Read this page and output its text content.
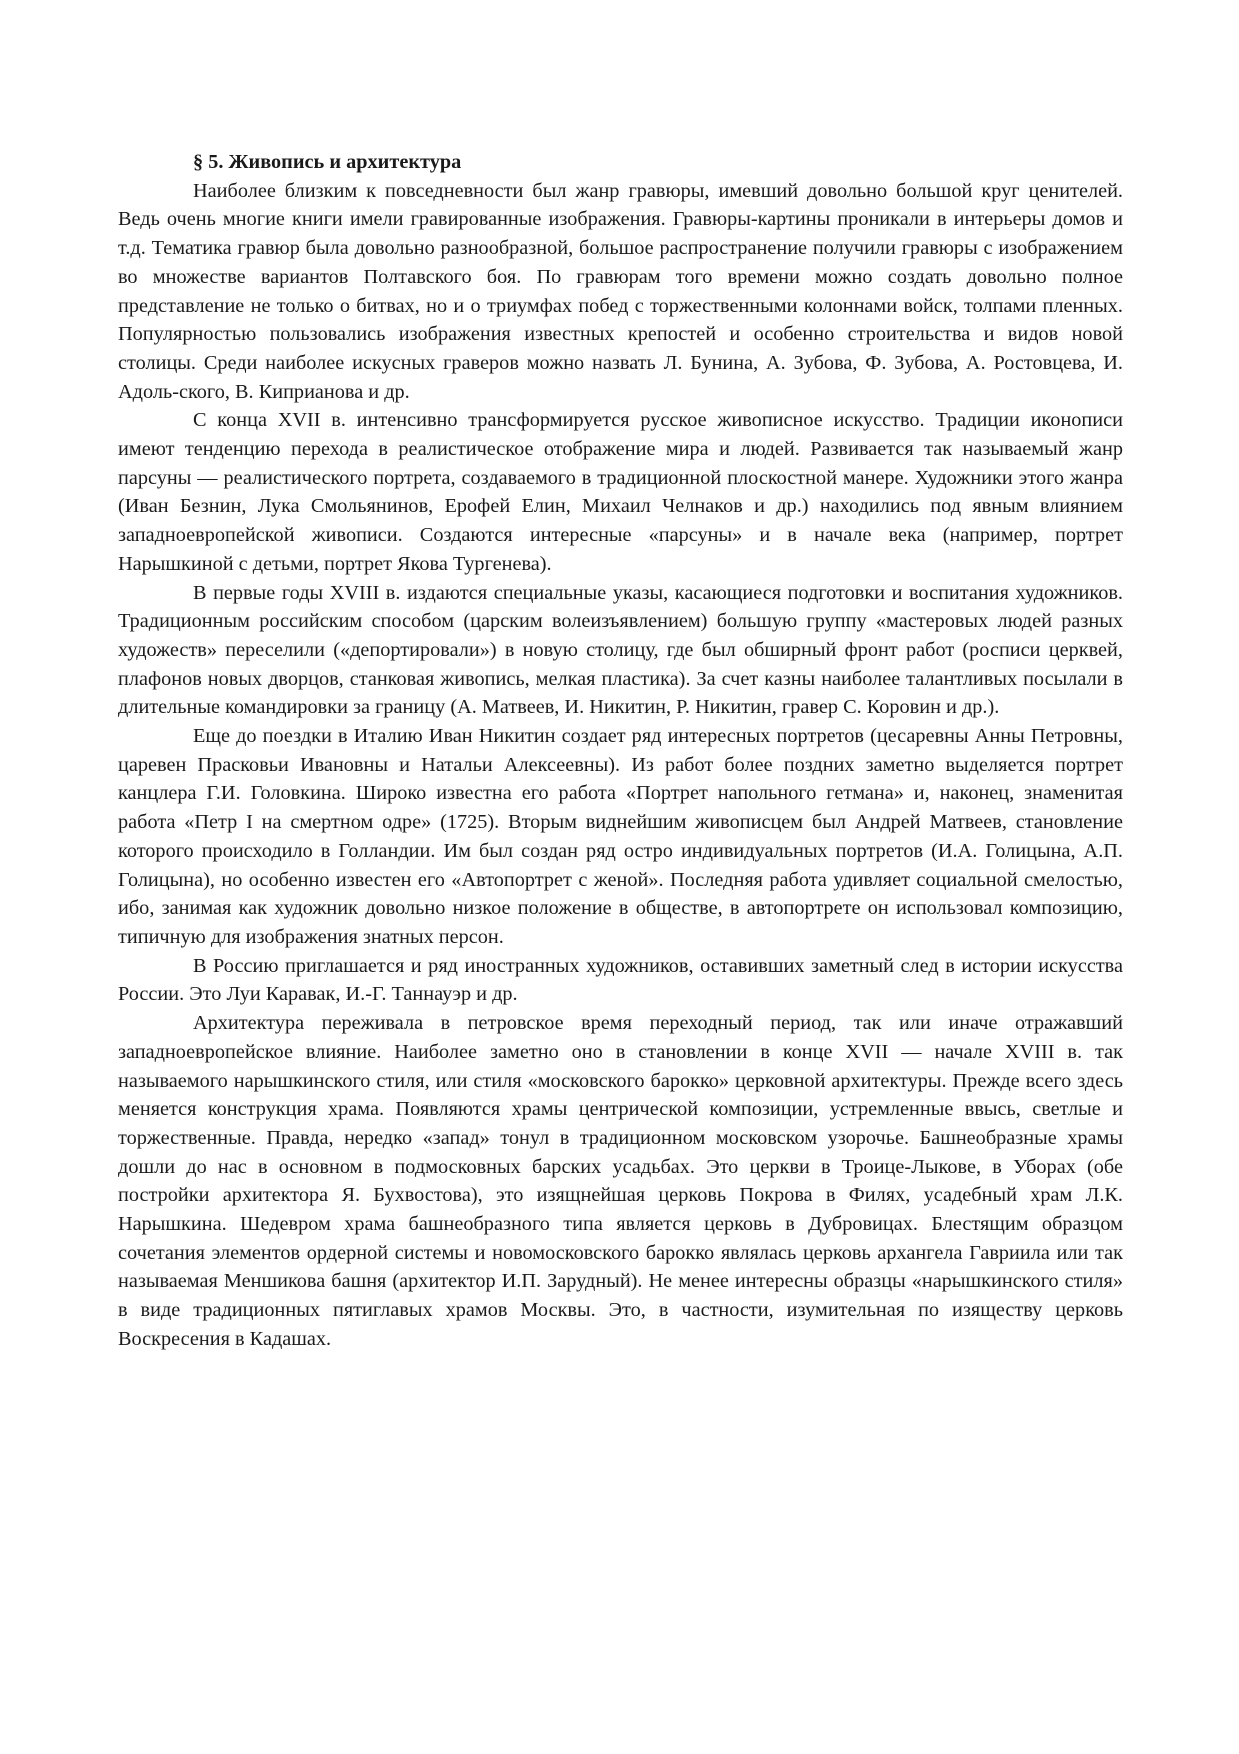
§ 5. Живопись и архитектура

Наиболее близким к повседневности был жанр гравюры, имевший довольно большой круг ценителей. Ведь очень многие книги имели гравированные изображения. Гравюры-картины проникали в интерьеры домов и т.д. Тематика гравюр была довольно разнообразной, большое распространение получили гравюры с изображением во множестве вариантов Полтавского боя. По гравюрам того времени можно создать довольно полное представление не только о битвах, но и о триумфах побед с торжественными колоннами войск, толпами пленных. Популярностью пользовались изображения известных крепостей и особенно строительства и видов новой столицы. Среди наиболее искусных граверов можно назвать Л. Бунина, А. Зубова, Ф. Зубова, А. Ростовцева, И. Адоль-ского, В. Киприанова и др.

С конца XVII в. интенсивно трансформируется русское живописное искусство. Традиции иконописи имеют тенденцию перехода в реалистическое отображение мира и людей. Развивается так называемый жанр парсуны — реалистического портрета, создаваемого в традиционной плоскостной манере. Художники этого жанра (Иван Безнин, Лука Смольянинов, Ерофей Елин, Михаил Челнаков и др.) находились под явным влиянием западноевропейской живописи. Создаются интересные «парсуны» и в начале века (например, портрет Нарышкиной с детьми, портрет Якова Тургенева).

В первые годы XVIII в. издаются специальные указы, касающиеся подготовки и воспитания художников. Традиционным российским способом (царским волеизъявлением) большую группу «мастеровых людей разных художеств» переселили («депортировали») в новую столицу, где был обширный фронт работ (росписи церквей, плафонов новых дворцов, станковая живопись, мелкая пластика). За счет казны наиболее талантливых посылали в длительные командировки за границу (А. Матвеев, И. Никитин, Р. Никитин, гравер С. Коровин и др.).

Еще до поездки в Италию Иван Никитин создает ряд интересных портретов (цесаревны Анны Петровны, царевен Прасковьи Ивановны и Натальи Алексеевны). Из работ более поздних заметно выделяется портрет канцлера Г.И. Головкина. Широко известна его работа «Портрет напольного гетмана» и, наконец, знаменитая работа «Петр I на смертном одре» (1725). Вторым виднейшим живописцем был Андрей Матвеев, становление которого происходило в Голландии. Им был создан ряд остро индивидуальных портретов (И.А. Голицына, А.П. Голицына), но особенно известен его «Автопортрет с женой». Последняя работа удивляет социальной смелостью, ибо, занимая как художник довольно низкое положение в обществе, в автопортрете он использовал композицию, типичную для изображения знатных персон.

В Россию приглашается и ряд иностранных художников, оставивших заметный след в истории искусства России. Это Луи Каравак, И.-Г. Таннауэр и др.

Архитектура переживала в петровское время переходный период, так или иначе отражавший западноевропейское влияние. Наиболее заметно оно в становлении в конце XVII — начале XVIII в. так называемого нарышкинского стиля, или стиля «московского барокко» церковной архитектуры. Прежде всего здесь меняется конструкция храма. Появляются храмы центрической композиции, устремленные ввысь, светлые и торжественные. Правда, нередко «запад» тонул в традиционном московском узорочье. Башнеобразные храмы дошли до нас в основном в подмосковных барских усадьбах. Это церкви в Троице-Лыкове, в Уборах (обе постройки архитектора Я. Бухвостова), это изящнейшая церковь Покрова в Филях, усадебный храм Л.К. Нарышкина. Шедевром храма башнеобразного типа является церковь в Дубровицах. Блестящим образцом сочетания элементов ордерной системы и новомосковского барокко являлась церковь архангела Гавриила или так называемая Меншикова башня (архитектор И.П. Зарудный). Не менее интересны образцы «нарышкинского стиля» в виде традиционных пятиглавых храмов Москвы. Это, в частности, изумительная по изяществу церковь Воскресения в Кадашах.
